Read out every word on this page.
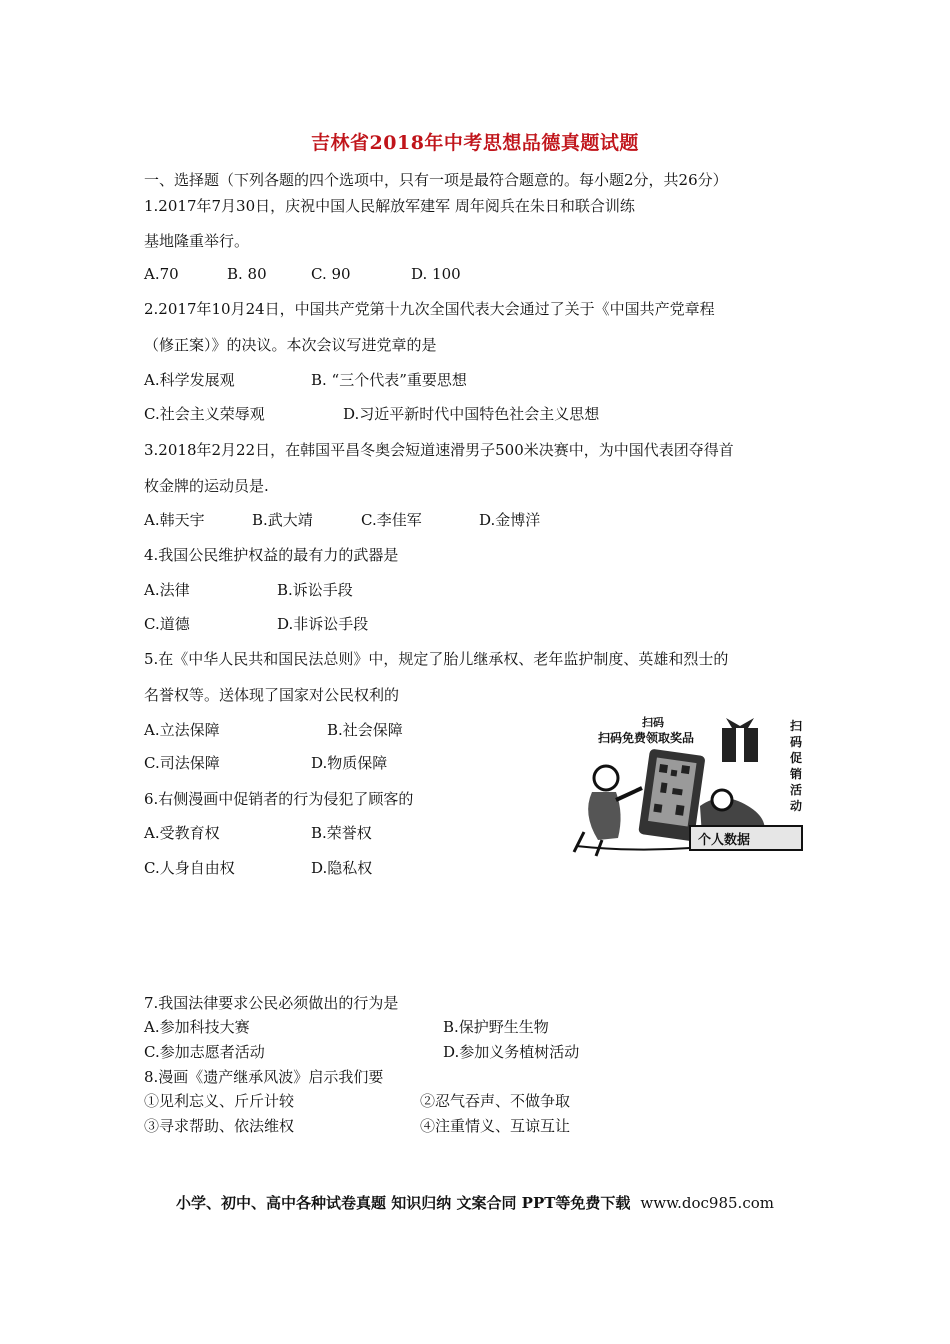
吉林省2018年中考思想品德真题试题
一、选择题（下列各题的四个选项中，只有一项是最符合题意的。每小题2分，共26分）
1.2017年7月30日，庆祝中国人民解放军建军 周年阅兵在朱日和联合训练
基地隆重举行。
A.70	B. 80	C. 90	D. 100
2.2017年10月24日，中国共产党第十九次全国代表大会通过了关于《中国共产党章程
（修正案）》的决议。本次会议写进党章的是
A.科学发展观	B. “三个代表”重要思想
C.社会主义荣辱观	D.习近平新时代中国特色社会主义思想
3.2018年2月22日，在韩国平昌冬奥会短道速滑男子500米决赛中，为中国代表团夺得首
枚金牌的运动员是.
A.韩天宇	B.武大靖	C.李佳军	D.金博洋
4.我国公民维护权益的最有力的武器是
A.法律	B.诉讼手段
C.道德	D.非诉讼手段
5.在《中华人民共和国民法总则》中，规定了胎儿继承权、老年监护制度、英雄和烈士的
名誉权等。送体现了国家对公民权利的
A.立法保障	B.社会保障
C.司法保障	D.物质保障
6.右侧漫画中促销者的行为侵犯了顾客的
A.受教育权	B.荣誉权
C.人身自由权	D.隐私权
扫码
扫码免费领取奖品
扫
码
促
销
活
动
个人数据
7.我国法律要求公民必须做出的行为是
A.参加科技大赛	B.保护野生生物
C.参加志愿者活动	D.参加义务植树活动
8.漫画《遗产继承风波》启示我们要
①见利忘义、斤斤计较	②忍气吞声、不做争取
③寻求帮助、依法维权	④注重情义、互谅互让
小学、初中、高中各种试卷真题 知识归纳 文案合同 PPT等免费下载 www.doc985.com
